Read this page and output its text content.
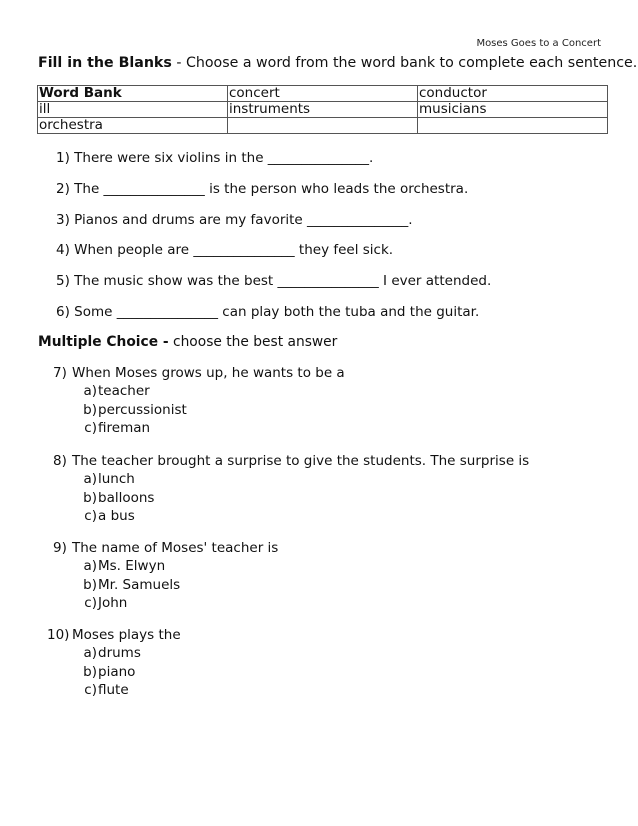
Moses Goes to a Concert
Fill in the Blanks - Choose a word from the word bank to complete each sentence.
Word Bank	concert	conductor
ill	instruments	musicians
orchestra		
1) There were six violins in the _______________.
2) The _______________ is the person who leads the orchestra.
3) Pianos and drums are my favorite _______________.
4) When people are _______________ they feel sick.
5) The music show was the best _______________ I ever attended.
6) Some _______________ can play both the tuba and the guitar.
Multiple Choice - choose the best answer
7) When Moses grows up, he wants to be a
a) teacher
b) percussionist
c) fireman
8) The teacher brought a surprise to give the students. The surprise is
a) lunch
b) balloons
c) a bus
9) The name of Moses' teacher is
a) Ms. Elwyn
b) Mr. Samuels
c) John
10) Moses plays the
a) drums
b) piano
c) flute
